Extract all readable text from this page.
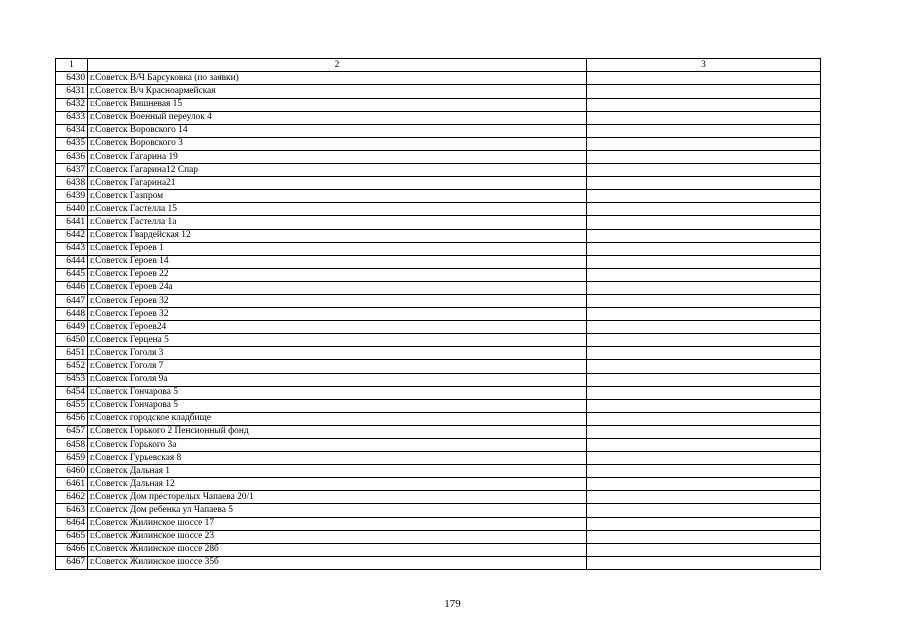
1	2	3
6430	г.Советск В/Ч Барсуковка (по заявки)	
6431	г.Советск В/ч Красноармейская	
6432	г.Советск Вишневая 15	
6433	г.Советск Военный переулок 4	
6434	г.Советск Воровского 14	
6435	г.Советск Воровского 3	
6436	г.Советск Гагарина 19	
6437	г.Советск Гагарина12 Спар	
6438	г.Советск Гагарина21	
6439	г.Советск Газпром	
6440	г.Советск Гастелла 15	
6441	г.Советск Гастелла 1а	
6442	г.Советск Гвардейская 12	
6443	г.Советск Героев 1	
6444	г.Советск Героев 14	
6445	г.Советск Героев 22	
6446	г.Советск Героев 24а	
6447	г.Советск Героев 32	
6448	г.Советск Героев 32	
6449	г.Советск Героев24	
6450	г.Советск Герцена 5	
6451	г.Советск Гоголя 3	
6452	г.Советск Гоголя 7	
6453	г.Советск Гоголя 9а	
6454	г.Советск Гончарова 5	
6455	г.Советск Гончарова 5	
6456	г.Советск городское кладбище	
6457	г.Советск Горького 2 Пенсионный фонд	
6458	г.Советск Горького 3а	
6459	г.Советск Гурьевская 8	
6460	г.Советск Дальная 1	
6461	г.Советск Дальная 12	
6462	г.Советск Дом престорелых Чапаева 20/1	
6463	г.Советск Дом ребенка ул Чапаева 5	
6464	г.Советск Жилинское шоссе 17	
6465	г.Советск Жилинское шоссе 23	
6466	г.Советск Жилинское шоссе 28б	
6467	г.Советск Жилинское шоссе 35б	
179
